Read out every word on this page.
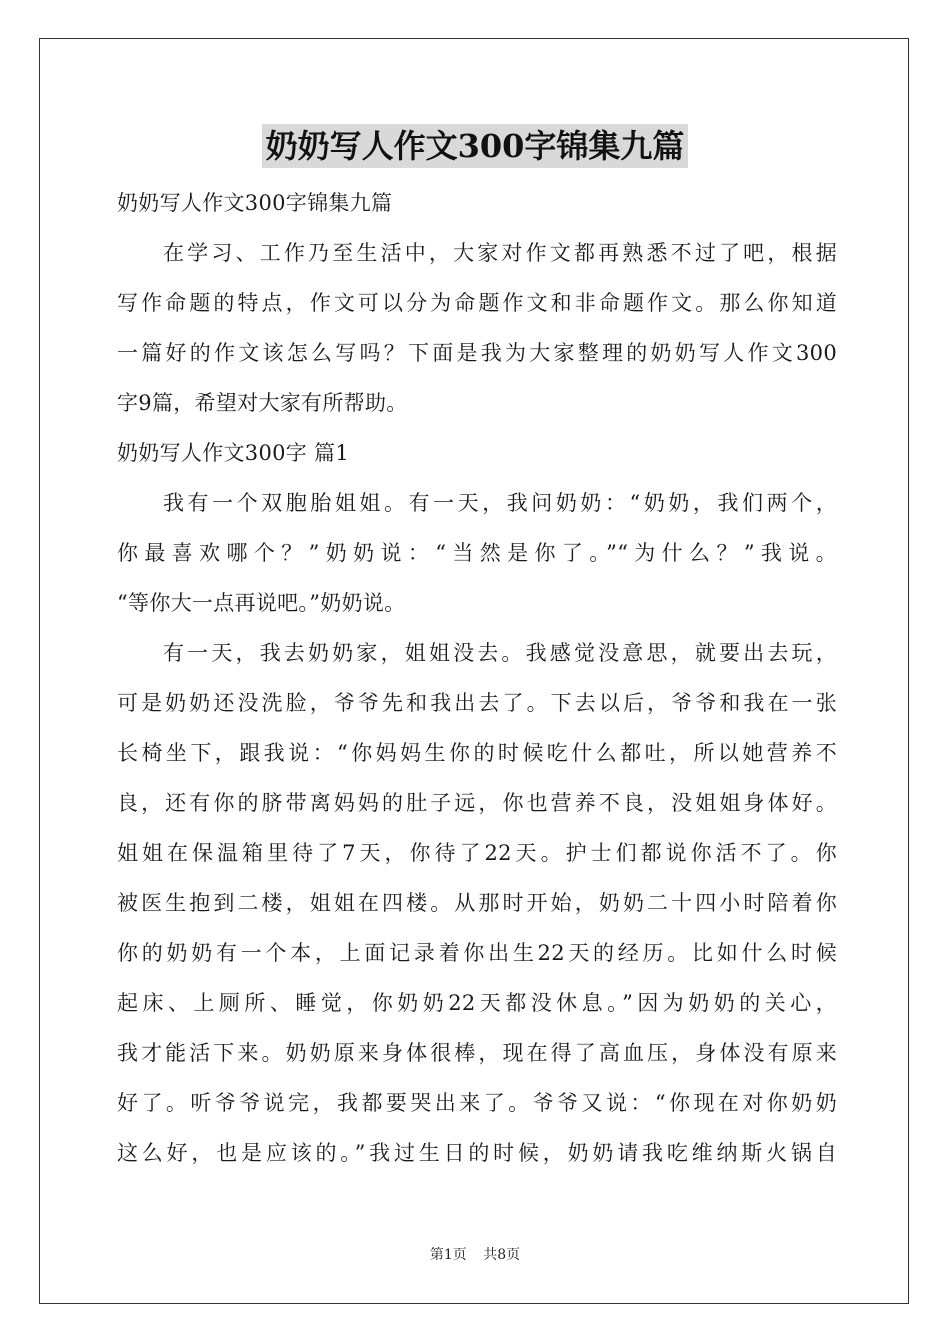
奶奶写人作文300字锦集九篇

奶奶写人作文300字锦集九篇

在学习、工作乃至生活中，大家对作文都再熟悉不过了吧，根据

写作命题的特点，作文可以分为命题作文和非命题作文。那么你知道

一篇好的作文该怎么写吗？下面是我为大家整理的奶奶写人作文300

字9篇，希望对大家有所帮助。

奶奶写人作文300字 篇1

我有一个双胞胎姐姐。有一天，我问奶奶：“奶奶，我们两个，

你最喜欢哪个？”奶奶说：“当然是你了。”“为什么？”我说。

“等你大一点再说吧。”奶奶说。

有一天，我去奶奶家，姐姐没去。我感觉没意思，就要出去玩，

可是奶奶还没洗脸，爷爷先和我出去了。下去以后，爷爷和我在一张

长椅坐下，跟我说：“你妈妈生你的时候吃什么都吐，所以她营养不

良，还有你的脐带离妈妈的肚子远，你也营养不良，没姐姐身体好。

姐姐在保温箱里待了7天，你待了22天。护士们都说你活不了。你

被医生抱到二楼，姐姐在四楼。从那时开始，奶奶二十四小时陪着你

你的奶奶有一个本，上面记录着你出生22天的经历。比如什么时候

起床、上厕所、睡觉，你奶奶22天都没休息。”因为奶奶的关心，

我才能活下来。奶奶原来身体很棒，现在得了高血压，身体没有原来

好了。听爷爷说完，我都要哭出来了。爷爷又说：“你现在对你奶奶

这么好，也是应该的。”我过生日的时候，奶奶请我吃维纳斯火锅自

第1页 共8页
